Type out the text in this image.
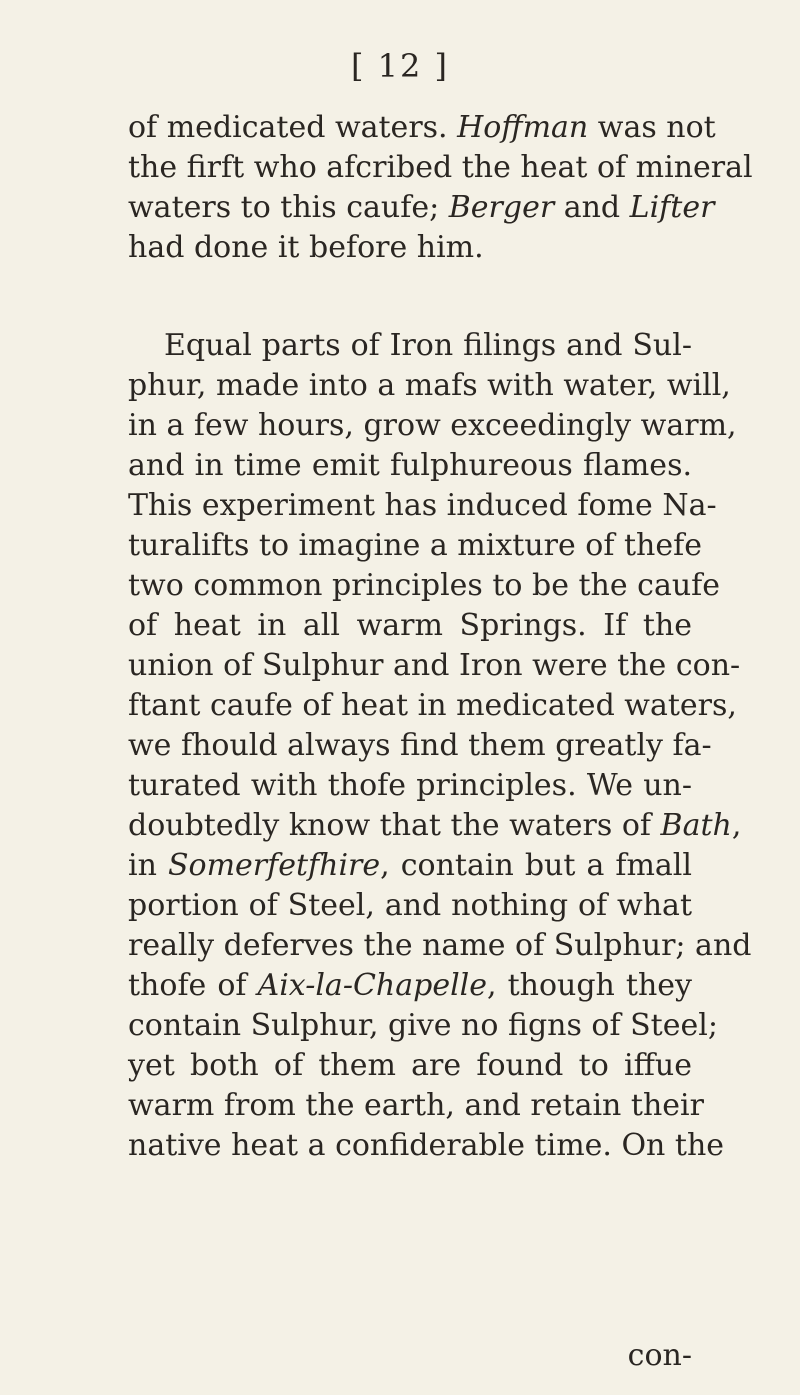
[ 12 ]
of medicated waters. Hoffman was not
the firft who afcribed the heat of mineral
waters to this caufe; Berger and Lifter
had done it before him.
Equal parts of Iron filings and Sul-
phur, made into a mafs with water, will,
in a few hours, grow exceedingly warm,
and in time emit fulphureous flames.
This experiment has induced fome Na-
turalifts to imagine a mixture of thefe
two common principles to be the caufe
of heat in all warm Springs. If the
union of Sulphur and Iron were the con-
ftant caufe of heat in medicated waters,
we fhould always find them greatly fa-
turated with thofe principles. We un-
doubtedly know that the waters of Bath,
in Somerfetfhire, contain but a fmall
portion of Steel, and nothing of what
really deferves the name of Sulphur; and
thofe of Aix-la-Chapelle, though they
contain Sulphur, give no figns of Steel;
yet both of them are found to iffue
warm from the earth, and retain their
native heat a confiderable time. On the
con-
